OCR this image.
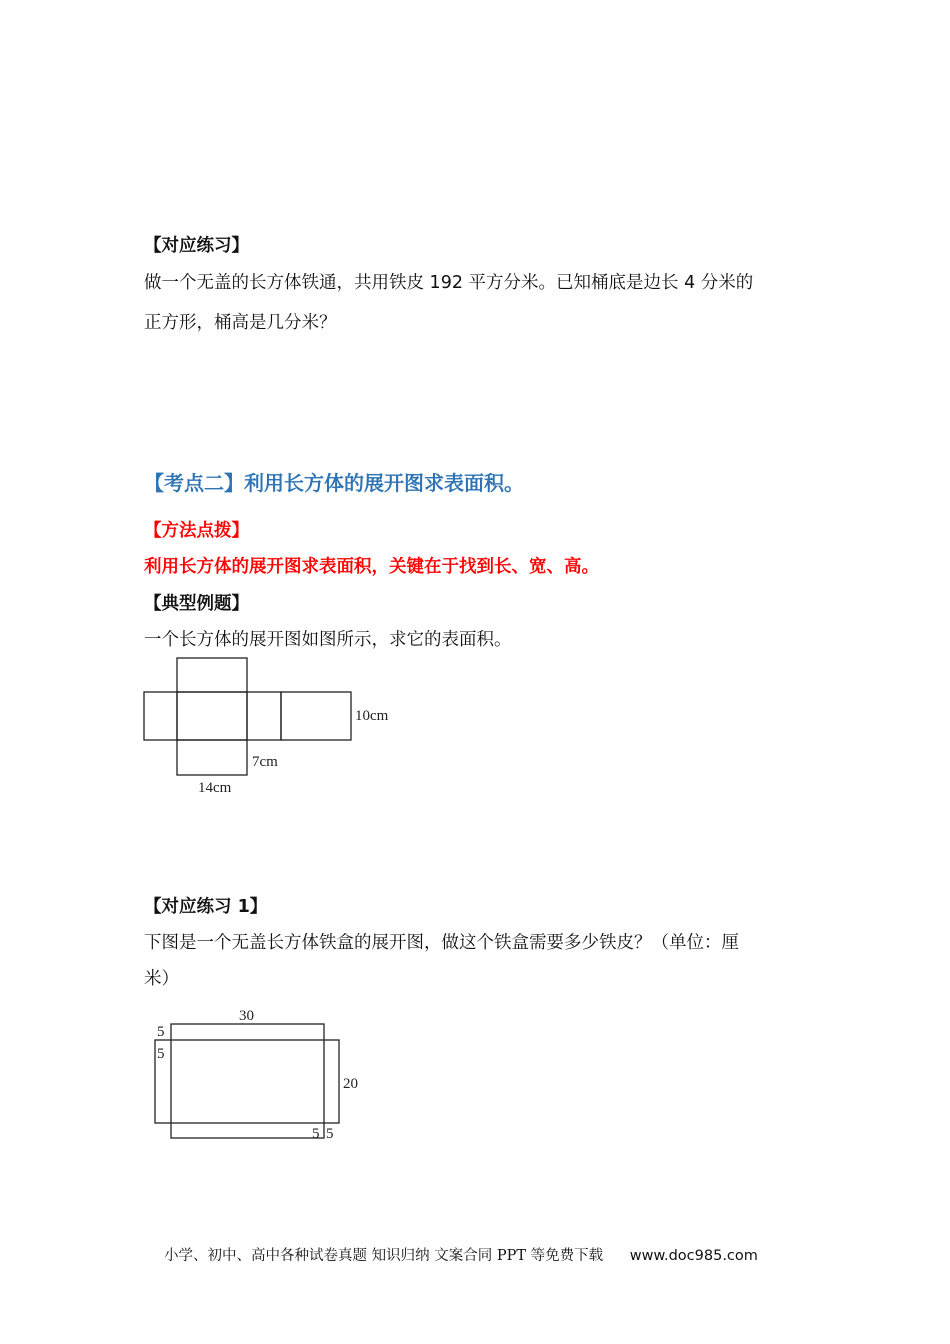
【对应练习】
做一个无盖的长方体铁通，共用铁皮 192 平方分米。已知桶底是边长 4 分米的
正方形，桶高是几分米？
【考点二】利用长方体的展开图求表面积。
【方法点拨】
利用长方体的展开图求表面积，关键在于找到长、宽、高。
【典型例题】
一个长方体的展开图如图所示，求它的表面积。
10cm
7cm
14cm
【对应练习 1】
下图是一个无盖长方体铁盒的展开图，做这个铁盒需要多少铁皮？（单位：厘
米）
30
5
5
20
5 5
小学、初中、高中各种试卷真题 知识归纳 文案合同 PPT 等免费下载 www.doc985.com
